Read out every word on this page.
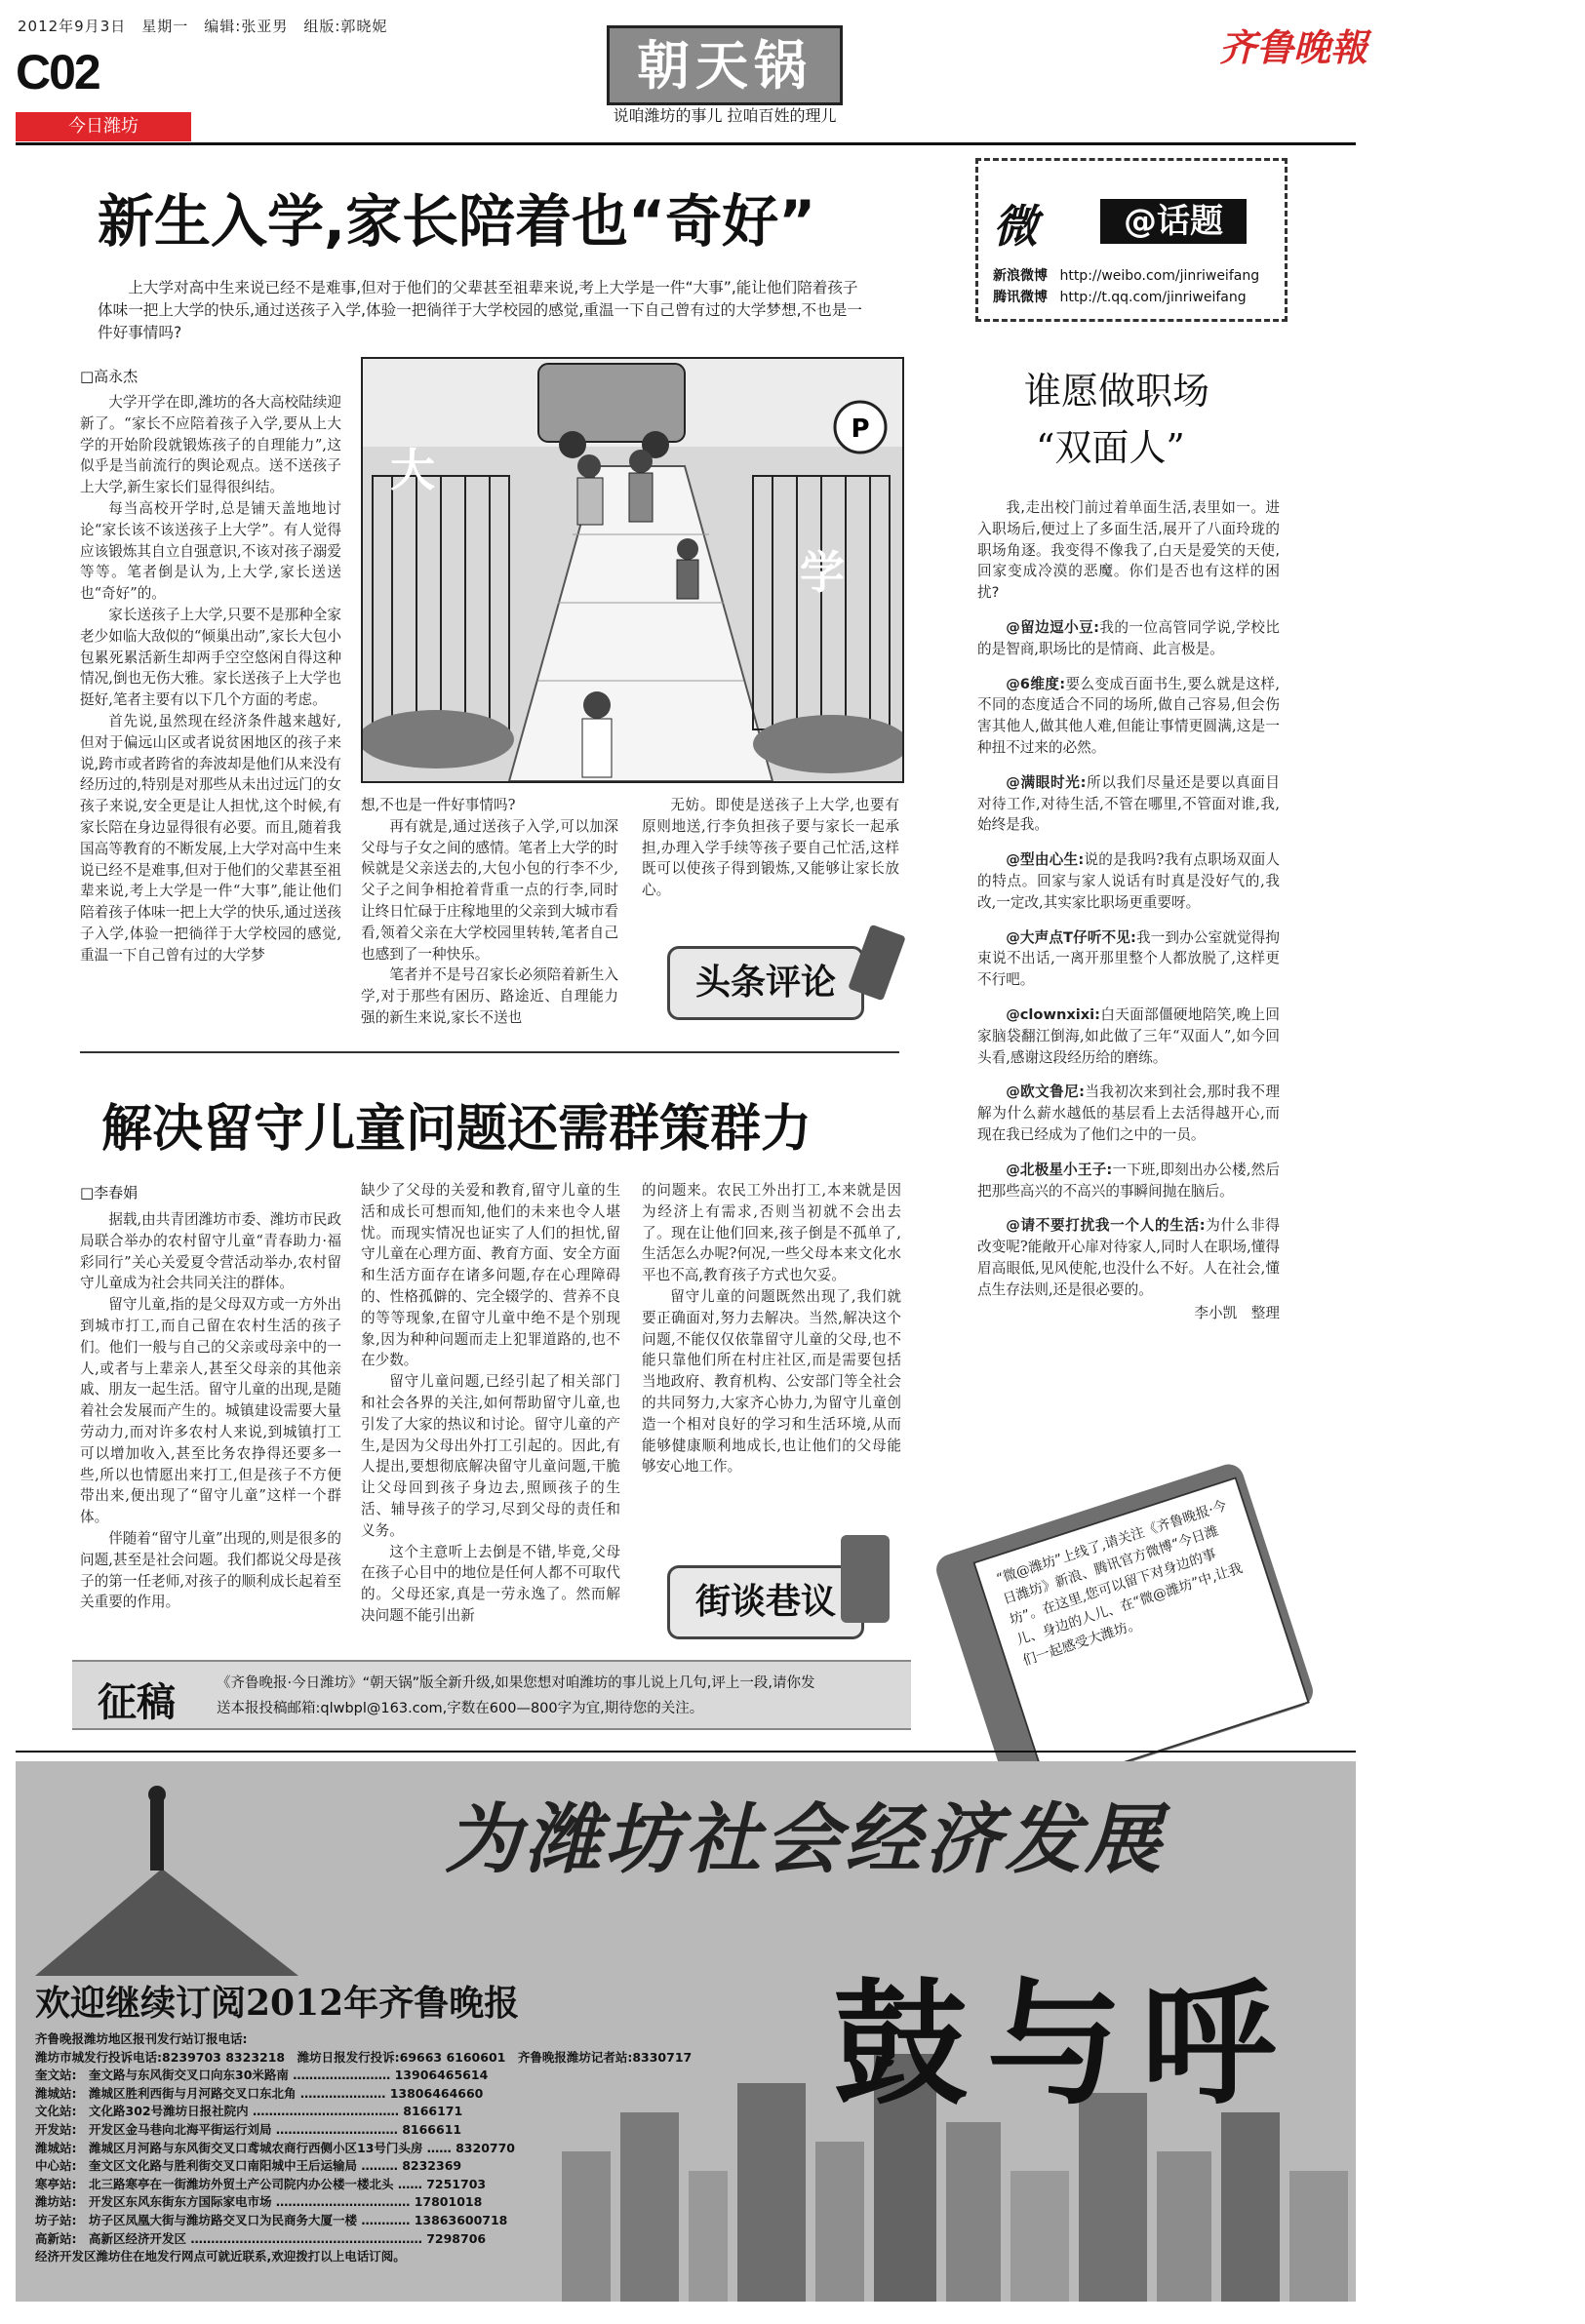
2012年9月3日　星期一　编辑:张亚男　组版:郭晓妮
C02
今日潍坊
朝天锅
说咱潍坊的事儿 拉咱百姓的理儿
齐鲁晚報
新生入学,家长陪着也“奇好”
上大学对高中生来说已经不是难事,但对于他们的父辈甚至祖辈来说,考上大学是一件“大事”,能让他们陪着孩子体味一把上大学的快乐,通过送孩子入学,体验一把徜徉于大学校园的感觉,重温一下自己曾有过的大学梦想,不也是一件好事情吗?
□高永杰

大学开学在即,潍坊的各大高校陆续迎新了。“家长不应陪着孩子入学,要从上大学的开始阶段就锻炼孩子的自理能力”,这似乎是当前流行的舆论观点。送不送孩子上大学,新生家长们显得很纠结。

每当高校开学时,总是铺天盖地地讨论“家长该不该送孩子上大学”。有人觉得应该锻炼其自立自强意识,不该对孩子溺爱等等。笔者倒是认为,上大学,家长送送也“奇好”的。

家长送孩子上大学,只要不是那种全家老少如临大敌似的“倾巢出动”,家长大包小包累死累活新生却两手空空悠闲自得这种情况,倒也无伤大雅。家长送孩子上大学也挺好,笔者主要有以下几个方面的考虑。

首先说,虽然现在经济条件越来越好,但对于偏远山区或者说贫困地区的孩子来说,跨市或者跨省的奔波却是他们从来没有经历过的,特别是对那些从未出过远门的女孩子来说,安全更是让人担忧,这个时候,有家长陪在身边显得很有必要。而且,随着我国高等教育的不断发展,上大学对高中生来说已经不是难事,但对于他们的父辈甚至祖辈来说,考上大学是一件“大事”,能让他们陪着孩子体味一把上大学的快乐,通过送孩子入学,体验一把徜徉于大学校园的感觉,重温一下自己曾有过的大学梦

P
大
学

想,不也是一件好事情吗?

再有就是,通过送孩子入学,可以加深父母与子女之间的感情。笔者上大学的时候就是父亲送去的,大包小包的行李不少,父子之间争相抢着背重一点的行李,同时让终日忙碌于庄稼地里的父亲到大城市看看,领着父亲在大学校园里转转,笔者自己也感到了一种快乐。

笔者并不是号召家长必须陪着新生入学,对于那些有困历、路途近、自理能力强的新生来说,家长不送也

无妨。即使是送孩子上大学,也要有原则地送,行李负担孩子要与家长一起承担,办理入学手续等孩子要自己忙活,这样既可以使孩子得到锻炼,又能够让家长放心。

头条评论
解决留守儿童问题还需群策群力
□李春娟

据载,由共青团潍坊市委、潍坊市民政局联合举办的农村留守儿童“青春助力·福彩同行”关心关爱夏令营活动举办,农村留守儿童成为社会共同关注的群体。

留守儿童,指的是父母双方或一方外出到城市打工,而自己留在农村生活的孩子们。他们一般与自己的父亲或母亲中的一人,或者与上辈亲人,甚至父母亲的其他亲戚、朋友一起生活。留守儿童的出现,是随着社会发展而产生的。城镇建设需要大量劳动力,而对许多农村人来说,到城镇打工可以增加收入,甚至比务农挣得还要多一些,所以也情愿出来打工,但是孩子不方便带出来,便出现了“留守儿童”这样一个群体。

伴随着“留守儿童”出现的,则是很多的问题,甚至是社会问题。我们都说父母是孩子的第一任老师,对孩子的顺利成长起着至关重要的作用。

缺少了父母的关爱和教育,留守儿童的生活和成长可想而知,他们的未来也令人堪忧。而现实情况也证实了人们的担忧,留守儿童在心理方面、教育方面、安全方面和生活方面存在诸多问题,存在心理障碍的、性格孤僻的、完全辍学的、营养不良的等等现象,在留守儿童中绝不是个别现象,因为种种问题而走上犯罪道路的,也不在少数。

留守儿童问题,已经引起了相关部门和社会各界的关注,如何帮助留守儿童,也引发了大家的热议和讨论。留守儿童的产生,是因为父母出外打工引起的。因此,有人提出,要想彻底解决留守儿童问题,干脆让父母回到孩子身边去,照顾孩子的生活、辅导孩子的学习,尽到父母的责任和义务。

这个主意听上去倒是不错,毕竟,父母在孩子心目中的地位是任何人都不可取代的。父母还家,真是一劳永逸了。然而解决问题不能引出新

的问题来。农民工外出打工,本来就是因为经济上有需求,否则当初就不会出去了。现在让他们回来,孩子倒是不孤单了,生活怎么办呢?何况,一些父母本来文化水平也不高,教育孩子方式也欠妥。

留守儿童的问题既然出现了,我们就要正确面对,努力去解决。当然,解决这个问题,不能仅仅依靠留守儿童的父母,也不能只靠他们所在村庄社区,而是需要包括当地政府、教育机构、公安部门等全社会的共同努力,大家齐心协力,为留守儿童创造一个相对良好的学习和生活环境,从而能够健康顺利地成长,也让他们的父母能够安心地工作。

街谈巷议
微	@话题
新浪微博 http://weibo.com/jinriweifang
腾讯微博 http://t.qq.com/jinriweifang
谁愿做职场
“双面人”

我,走出校门前过着单面生活,表里如一。进入职场后,便过上了多面生活,展开了八面玲珑的职场角逐。我变得不像我了,白天是爱笑的天使,回家变成冷漠的恶魔。你们是否也有这样的困扰?

@留边逗小豆:我的一位高管同学说,学校比的是智商,职场比的是情商、此言极是。

@6维度:要么变成百面书生,要么就是这样,不同的态度适合不同的场所,做自己容易,但会伤害其他人,做其他人难,但能让事情更圆满,这是一种扭不过来的必然。

@满眼时光:所以我们尽量还是要以真面目对待工作,对待生活,不管在哪里,不管面对谁,我,始终是我。

@型由心生:说的是我吗?我有点职场双面人的特点。回家与家人说话有时真是没好气的,我改,一定改,其实家比职场更重要呀。

@大声点T仔听不见:我一到办公室就觉得拘束说不出话,一离开那里整个人都放脱了,这样更不行吧。

@clownxixi:白天面部僵硬地陪笑,晚上回家脑袋翻江倒海,如此做了三年“双面人”,如今回头看,感谢这段经历给的磨练。

@欧文鲁尼:当我初次来到社会,那时我不理解为什么薪水越低的基层看上去活得越开心,而现在我已经成为了他们之中的一员。

@北极星小王子:一下班,即刻出办公楼,然后把那些高兴的不高兴的事瞬间抛在脑后。

@请不要打扰我一个人的生活:为什么非得改变呢?能敞开心扉对待家人,同时人在职场,懂得眉高眼低,见风使舵,也没什么不好。人在社会,懂点生存法则,还是很必要的。

李小凯　整理
“微@潍坊”上线了,请关注《齐鲁晚报·今日潍坊》新浪、腾讯官方微博“今日潍坊”。在这里,您可以留下对身边的事儿、身边的人儿、在“微@潍坊”中,让我们一起感受大潍坊。
征稿	《齐鲁晚报·今日潍坊》“朝天锅”版全新升级,如果您想对咱潍坊的事儿说上几句,评上一段,请你发
送本报投稿邮箱:qlwbpl@163.com,字数在600—800字为宜,期待您的关注。
为潍坊社会经济发展
鼓与呼
欢迎继续订阅2012年齐鲁晚报
齐鲁晚报潍坊地区报刊发行站订报电话:
潍坊市城发行投诉电话:8239703 8323218　潍坊日报发行投诉:69663 6160601　齐鲁晚报潍坊记者站:8330717
奎文站:　奎文路与东风街交叉口向东30米路南 …………………… 13906465614
潍城站:　潍城区胜利西街与月河路交叉口东北角 ………………… 13806464660
文化站:　文化路302号潍坊日报社院内 ……………………………… 8166171
开发站:　开发区金马巷向北海平街运行刘局 ………………………… 8166611
潍城站:　潍城区月河路与东风街交叉口鸢城农商行西侧小区13号门头房 …… 8320770
中心站:　奎文区文化路与胜利街交叉口南阳城中王后运输局 ……… 8232369
寒亭站:　北三路寒亭在一街潍坊外贸土产公司院内办公楼一楼北头 …… 7251703
潍坊站:　开发区东风东街东方国际家电市场 …………………………… 17801018
坊子站:　坊子区凤凰大街与潍坊路交叉口为民商务大厦一楼 ………… 13863600718
高新站:　高新区经济开发区 ………………………………………………… 7298706
经济开发区潍坊住在地发行网点可就近联系,欢迎拨打以上电话订阅。
